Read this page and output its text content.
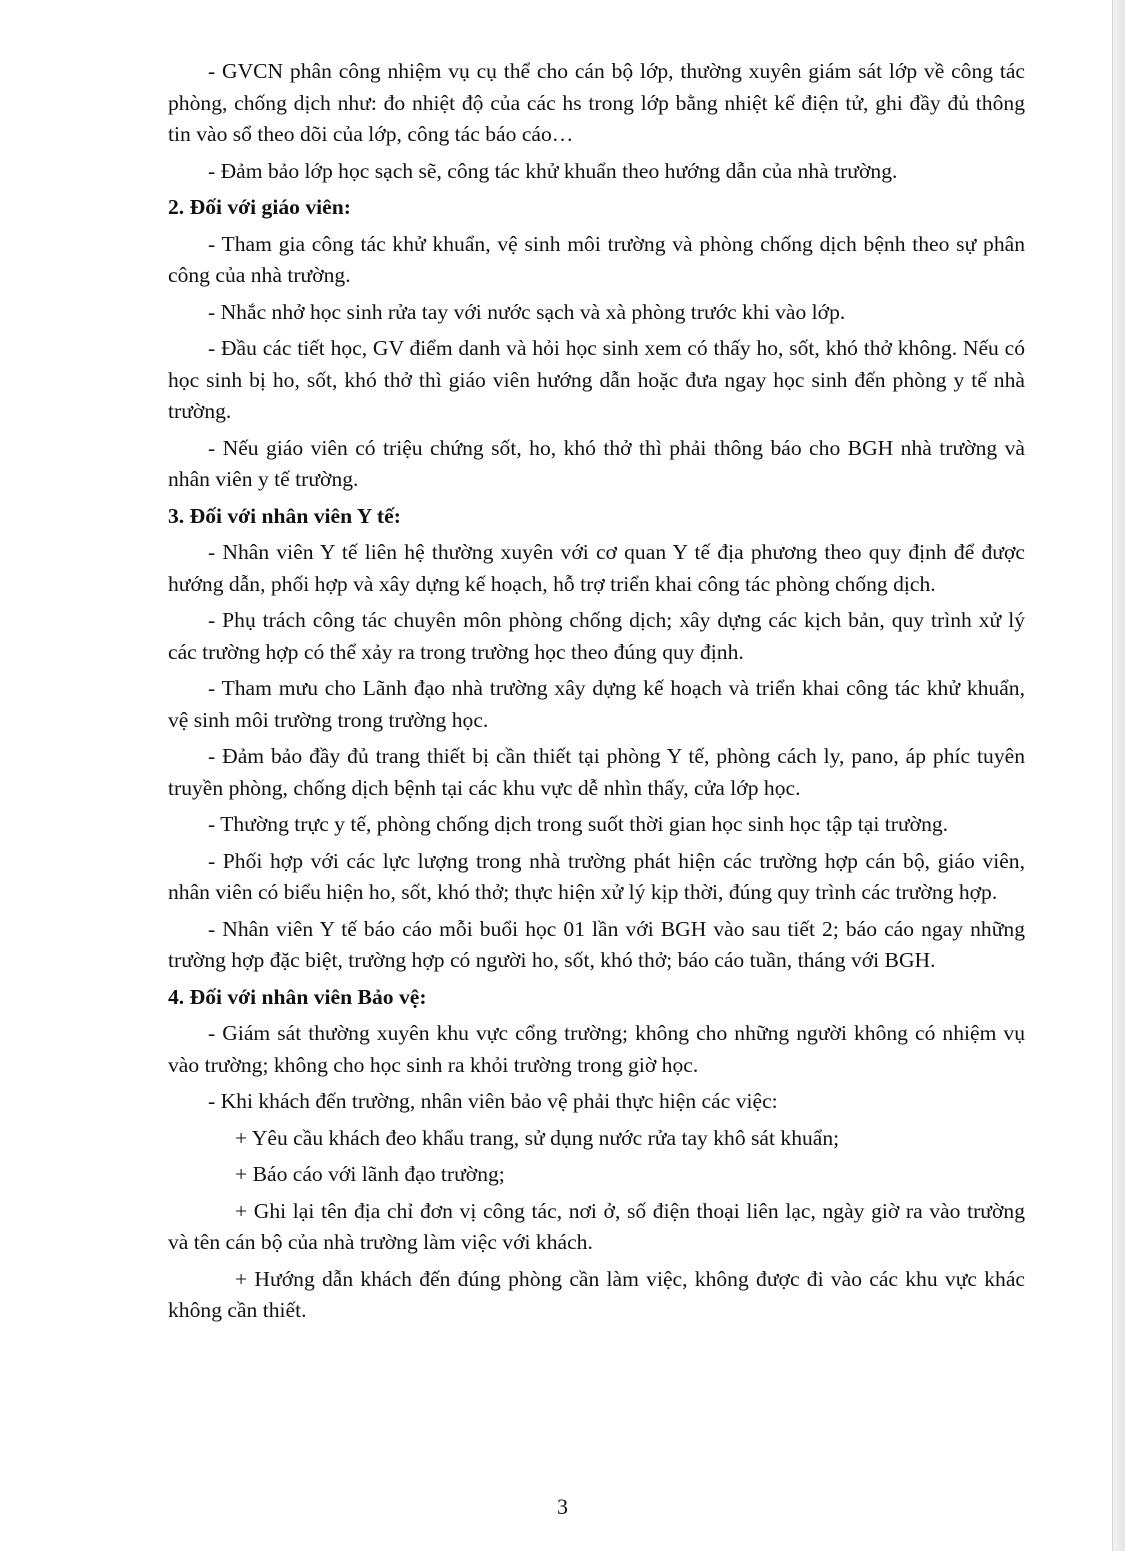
- GVCN phân công nhiệm vụ cụ thể cho cán bộ lớp, thường xuyên giám sát lớp về công tác phòng, chống dịch như: đo nhiệt độ của các hs trong lớp bằng nhiệt kế điện tử, ghi đầy đủ thông tin vào sổ theo dõi của lớp, công tác báo cáo…

- Đảm bảo lớp học sạch sẽ, công tác khử khuẩn theo hướng dẫn của nhà trường.

2. Đối với giáo viên:

- Tham gia công tác khử khuẩn, vệ sinh môi trường và phòng chống dịch bệnh theo sự phân công của nhà trường.

- Nhắc nhở học sinh rửa tay với nước sạch và xà phòng trước khi vào lớp.

- Đầu các tiết học, GV điểm danh và hỏi học sinh xem có thấy ho, sốt, khó thở không. Nếu có học sinh bị ho, sốt, khó thở thì giáo viên hướng dẫn hoặc đưa ngay học sinh đến phòng y tế nhà trường.

- Nếu giáo viên có triệu chứng sốt, ho, khó thở thì phải thông báo cho BGH nhà trường và nhân viên y tế trường.

3. Đối với nhân viên Y tế:

- Nhân viên Y tế liên hệ thường xuyên với cơ quan Y tế địa phương theo quy định để được hướng dẫn, phối hợp và xây dựng kế hoạch, hỗ trợ triển khai công tác phòng chống dịch.

- Phụ trách công tác chuyên môn phòng chống dịch; xây dựng các kịch bản, quy trình xử lý các trường hợp có thể xảy ra trong trường học theo đúng quy định.

- Tham mưu cho Lãnh đạo nhà trường xây dựng kế hoạch và triển khai công tác khử khuẩn, vệ sinh môi trường trong trường học.

- Đảm bảo đầy đủ trang thiết bị cần thiết tại phòng Y tế, phòng cách ly, pano, áp phíc tuyên truyền phòng, chống dịch bệnh tại các khu vực dễ nhìn thấy, cửa lớp học.

- Thường trực y tế, phòng chống dịch trong suốt thời gian học sinh học tập tại trường.

- Phối hợp với các lực lượng trong nhà trường phát hiện các trường hợp cán bộ, giáo viên, nhân viên có biểu hiện ho, sốt, khó thở; thực hiện xử lý kịp thời, đúng quy trình các trường hợp.

- Nhân viên Y tế báo cáo mỗi buổi học 01 lần với BGH vào sau tiết 2; báo cáo ngay những trường hợp đặc biệt, trường hợp có người ho, sốt, khó thở; báo cáo tuần, tháng với BGH.

4. Đối với nhân viên Bảo vệ:

- Giám sát thường xuyên khu vực cổng trường; không cho những người không có nhiệm vụ vào trường; không cho học sinh ra khỏi trường trong giờ học.

- Khi khách đến trường, nhân viên bảo vệ phải thực hiện các việc:

+ Yêu cầu khách đeo khẩu trang, sử dụng nước rửa tay khô sát khuẩn;

+ Báo cáo với lãnh đạo trường;

+ Ghi lại tên địa chỉ đơn vị công tác, nơi ở, số điện thoại liên lạc, ngày giờ ra vào trường và tên cán bộ của nhà trường làm việc với khách.

+ Hướng dẫn khách đến đúng phòng cần làm việc, không được đi vào các khu vực khác không cần thiết.

3
